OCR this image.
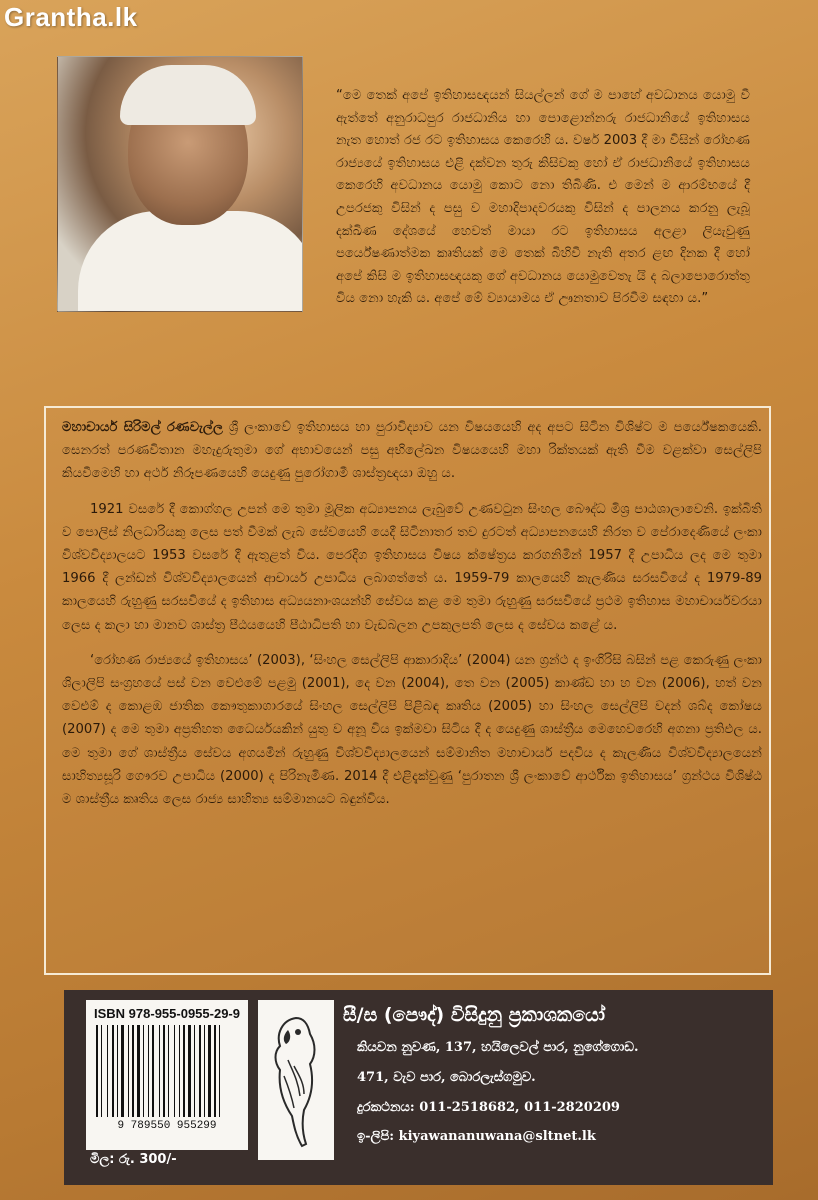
Grantha.lk
“මෙ තෙක් අපේ ඉතිහාසඥයන් සියල්ලන් ගේ ම පාහේ අවධානය යොමු වී ඇත්තේ අනුරාධපුර රාජධානිය හා පොළොන්නරු රාජධානියේ ඉතිහාසය නැත හොත් රජ රට ඉතිහාසය කෙරෙහි ය. වර්ෂ 2003 දී මා විසින් රෝහණ රාජ්‍යයේ ඉතිහාසය එළි දක්වන තුරු කිසිවකු හෝ ඒ රාජධානියේ ඉතිහාසය කෙරෙහි අවධානය යොමු කොට නො තිබිණි. එ මෙන් ම ආරම්භයේ දී උපරජකු විසින් ද පසු ව මහාදිපාදවරයකු විසින් ද පාලනය කරනු ලැබූ දක්ඛිණ දේශයේ හෙවත් මායා රට ඉතිහාසය අලළා ලියැවුණු පර්යේෂණාත්මක කෘතියක් මෙ තෙක් බිහිවී නැති අතර ළඟ දිනක දී හෝ අපේ කිසි ම ඉතිහාසඥයකු ගේ අවධානය යොමුවෙතැ යි ද බලාපොරොත්තු විය නො හැකි ය. අපේ මේ ව්‍යායාමය ඒ ඌනතාව පිරවීම සඳහා ය.”

මහාචාර්ය සිරිමල් රණවැල්ල ශ්‍රී ලංකාවේ ඉතිහාසය හා පුරාවිද්‍යාව යන විෂයයෙහි අද අපට සිටින විශිෂ්ට ම පර්යේෂකයෙකි. සෙනරත් පරණවිතාන මහැදුරුතුමා ගේ අභාවයෙන් පසු අභිලේඛන විෂයයෙහි මහා රික්තයක් ඇති වීම වළක්වා සෙල්ලිපි කියවීමෙහි හා අර්ථ නිරූපණයෙහි යෙදුණු පුරෝගාමී ශාස්ත්‍රඥයා ඔහු ය.

1921 වසරේ දී කොග්ගල උපන් මෙ තුමා මූලික අධ්‍යාපනය ලැබුවේ උණවටුන සිංහල බෞද්ධ මිශ්‍ර පාඨශාලාවෙනි. ඉක්බිති ව පොලිස් නිලධාරියකු ලෙස පත් වීමක් ලැබ සේවයෙහි යෙදී සිටිනාතර තව දුරටත් අධ්‍යාපනයෙහි නිරත ව පේරාදෙණියේ ලංකා විශ්වවිද්‍යාලයට 1953 වසරේ දී ඇතුළත් විය. පෙරදිග ඉතිහාසය විෂය ක්ෂේත්‍රය කරගනිමින් 1957 දී උපාධිය ලද මෙ තුමා 1966 දී ලන්ඩන් විශ්වවිද්‍යාලයෙන් ආචාර්ය උපාධිය ලබාගත්තේ ය. 1959-79 කාලයෙහි කැලණිය සරසවියේ ද 1979-89 කාලයෙහි රුහුණු සරසවියේ ද ඉතිහාස අධ්‍යයනාංශයන්හි සේවය කළ මෙ තුමා රුහුණු සරසවියේ ප්‍රථම ඉතිහාස මහාචාර්යවරයා ලෙස ද කලා හා මානව ශාස්ත්‍ර පීඨයයෙහි පීඨාධිපති හා වැඩබලන උපකුලපති ලෙස ද සේවය කළේ ය.

‘රෝහණ රාජ්‍යයේ ඉතිහාසය’ (2003), ‘සිංහල සෙල්ලිපි ආකාරාදිය’ (2004) යන ග්‍රන්ථ ද ඉංගිරිසි බසින් පළ කෙරුණු ලංකා ශිලාලිපි සංග්‍රහයේ පස් වන වෙළුමේ පළමු (2001), දෙ වන (2004), තෙ වන (2005) කාණ්ඩ හා හ වන (2006), හත් වන වෙළුම් ද කොළඹ ජාතික කෞතුකාගාරයේ සිංහල සෙල්ලිපි පිළිබඳ කෘතිය (2005) හා සිංහල සෙල්ලිපි වදන් ශබ්ද කෝෂය (2007) ද මෙ තුමා අප්‍රතිහත ධෛර්යයකින් යුතු ව අනූ විය ඉක්මවා සිටිය දී ද යෙදුණු ශාස්ත්‍රීය මෙහෙවරෙහි අගනා ප්‍රතිඵල ය. මෙ තුමා ගේ ශාස්ත්‍රීය සේවය අගයමින් රුහුණු විශ්වවිද්‍යාලයෙන් සම්මානිත මහාචාර්ය පදවිය ද කැලණිය විශ්වවිද්‍යාලයෙන් සාහිත්‍යසූරි ගෞරව උපාධිය (2000) ද පිරිනැමිණ. 2014 දී එළිදැක්වුණු ‘පුරාතන ශ්‍රී ලංකාවේ ආර්ථික ඉතිහාසය’ ග්‍රන්ථය විශිෂ්ඨ ම ශාස්ත්‍රීය කෘතිය ලෙස රාජ්‍ය සාහිත්‍ය සම්මානයට බඳුන්විය.

ISBN 978-955-0955-29-9
9 789550 955299
මිල: රු. 300/-
සී/ස (පෞද්) විසිදුනු ප්‍රකාශකයෝ
කියවන නුවණ, 137, හයිලෙවල් පාර, නුගේගොඩ.
471, වැව පාර, බොරලැස්ගමුව.
දුරකථනය: 011-2518682, 011-2820209
ඉ-ලිපි: kiyawananuwana@sltnet.lk
